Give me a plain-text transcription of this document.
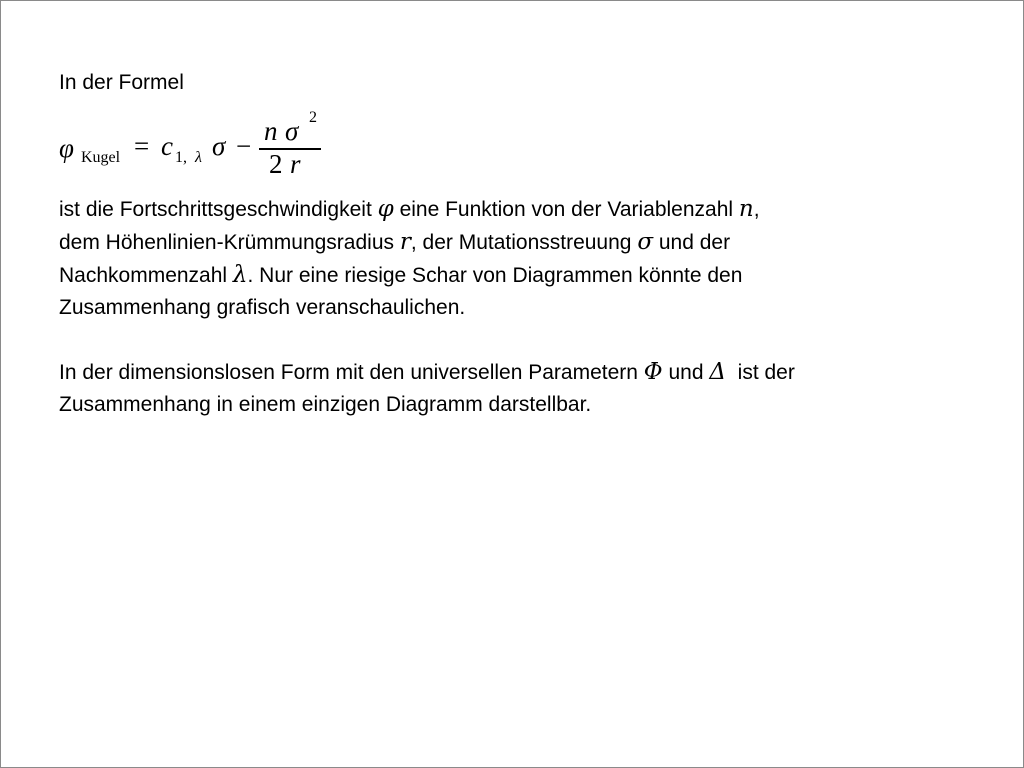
In der Formel
φ Kugel = c 1, λ σ − n σ 2
2 r
ist die Fortschrittsgeschwindigkeit φ eine Funktion von der Variablenzahl n,
dem Höhenlinien-Krümmungsradius r, der Mutationsstreuung σ und der
Nachkommenzahl λ. Nur eine riesige Schar von Diagrammen könnte den
Zusammenhang grafisch veranschaulichen.
In der dimensionslosen Form mit den universellen Parametern Φ und Δ  ist der
Zusammenhang in einem einzigen Diagramm darstellbar.
